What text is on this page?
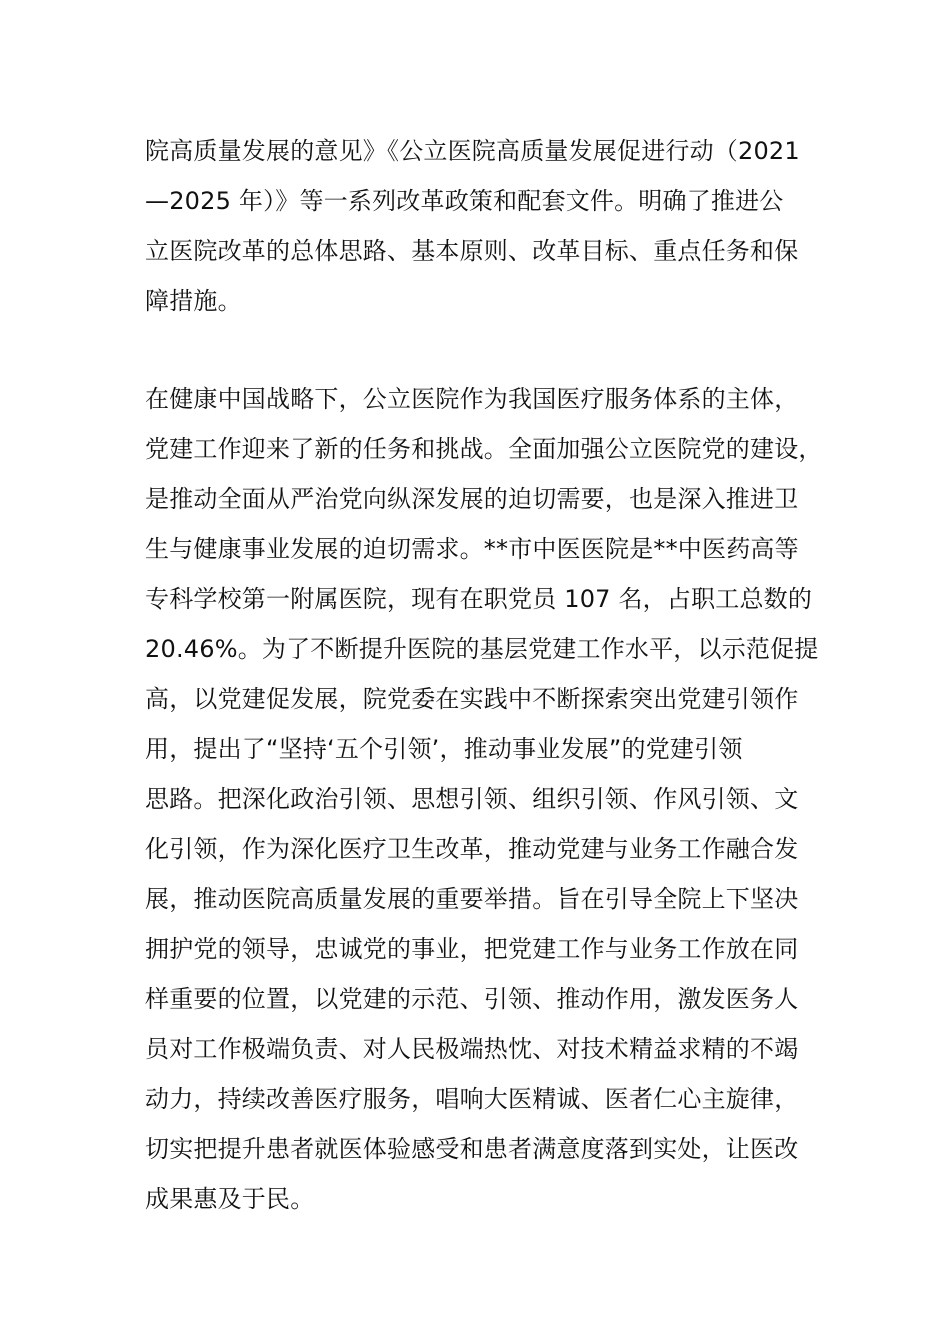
院高质量发展的意见》《公立医院高质量发展促进行动（2021

—2025 年）》等一系列改革政策和配套文件。明确了推进公

立医院改革的总体思路、基本原则、改革目标、重点任务和保

障措施。

在健康中国战略下，公立医院作为我国医疗服务体系的主体，

党建工作迎来了新的任务和挑战。全面加强公立医院党的建设，

是推动全面从严治党向纵深发展的迫切需要，也是深入推进卫

生与健康事业发展的迫切需求。**市中医医院是**中医药高等

专科学校第一附属医院，现有在职党员 107 名，占职工总数的

20.46%。为了不断提升医院的基层党建工作水平，以示范促提

高，以党建促发展，院党委在实践中不断探索突出党建引领作

用，提出了“坚持‘五个引领’，推动事业发展”的党建引领

思路。把深化政治引领、思想引领、组织引领、作风引领、文

化引领，作为深化医疗卫生改革，推动党建与业务工作融合发

展，推动医院高质量发展的重要举措。旨在引导全院上下坚决

拥护党的领导，忠诚党的事业，把党建工作与业务工作放在同

样重要的位置，以党建的示范、引领、推动作用，激发医务人

员对工作极端负责、对人民极端热忱、对技术精益求精的不竭

动力，持续改善医疗服务，唱响大医精诚、医者仁心主旋律，

切实把提升患者就医体验感受和患者满意度落到实处，让医改

成果惠及于民。
